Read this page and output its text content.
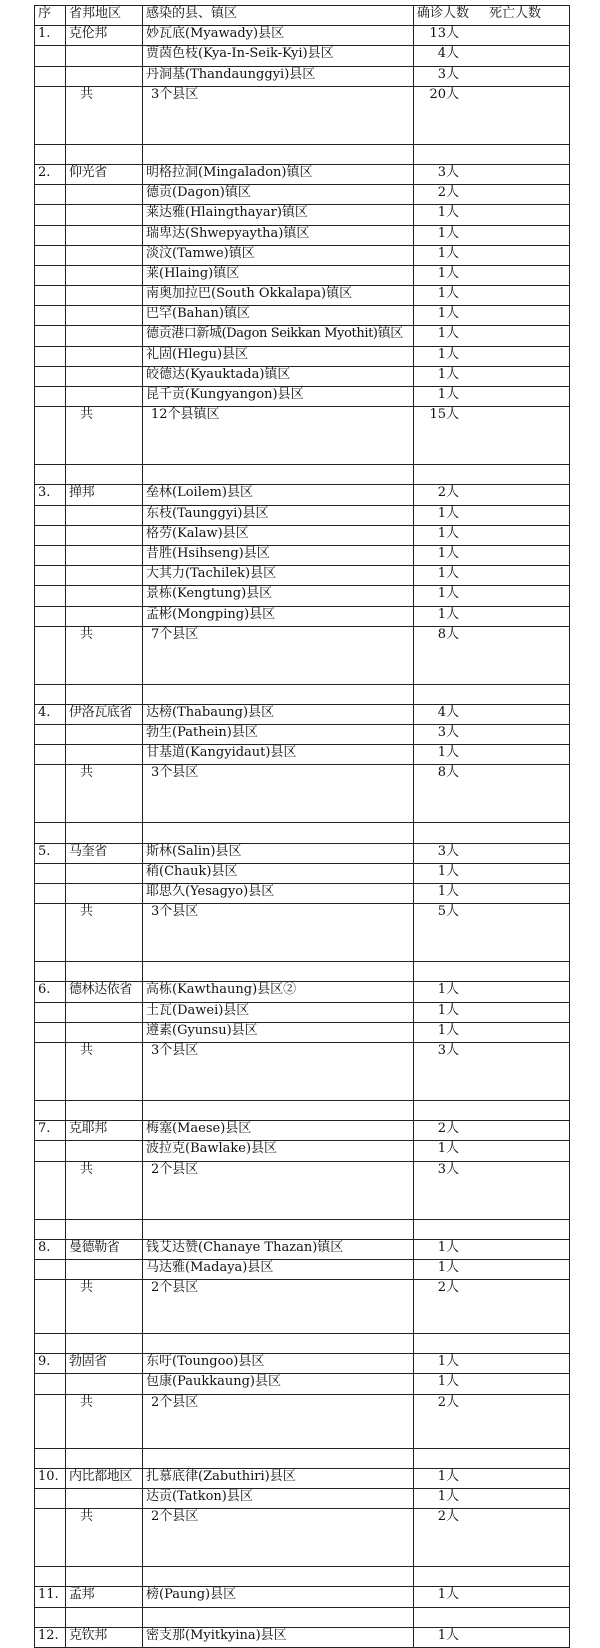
序	省邦地区	感染的县、镇区	确诊人数 死亡人数
1.	克伦邦	妙瓦底(Myawady)县区	13人
		贾茵色枝(Kya-In-Seik-Kyi)县区	4人
		丹洞基(Thandaunggyi)县区	3人
	共	3个县区	20人

2.	仰光省	明格拉洞(Mingaladon)镇区	3人
		德贡(Dagon)镇区	2人
		莱达雅(Hlaingthayar)镇区	1人
		瑞卑达(Shwepyaytha)镇区	1人
		淡汶(Tamwe)镇区	1人
		莱(Hlaing)镇区	1人
		南奥加拉巴(South Okkalapa)镇区	1人
		巴罕(Bahan)镇区	1人
		德贡港口新城(Dagon Seikkan Myothit)镇区	1人
		礼固(Hlegu)县区	1人
		皎德达(Kyauktada)镇区	1人
		昆千贡(Kungyangon)县区	1人
	共	12个县镇区	15人

3.	掸邦	垒林(Loilem)县区	2人
		东枝(Taunggyi)县区	1人
		格劳(Kalaw)县区	1人
		昔胜(Hsihseng)县区	1人
		大其力(Tachilek)县区	1人
		景栋(Kengtung)县区	1人
		孟彬(Mongping)县区	1人
	共	7个县区	8人

4.	伊洛瓦底省	达榜(Thabaung)县区	4人
		勃生(Pathein)县区	3人
		甘基道(Kangyidaut)县区	1人
	共	3个县区	8人

5.	马奎省	斯林(Salin)县区	3人
		稍(Chauk)县区	1人
		耶思久(Yesagyo)县区	1人
	共	3个县区	5人

6.	德林达依省	高栋(Kawthaung)县区②	1人
		土瓦(Dawei)县区	1人
		遵素(Gyunsu)县区	1人
	共	3个县区	3人

7.	克耶邦	梅塞(Maese)县区	2人
		波拉克(Bawlake)县区	1人
	共	2个县区	3人

8.	曼德勒省	钱艾达赞(Chanaye Thazan)镇区	1人
		马达雅(Madaya)县区	1人
	共	2个县区	2人

9.	勃固省	东吁(Toungoo)县区	1人
		包康(Paukkaung)县区	1人
	共	2个县区	2人

10.	内比都地区	扎慕底律(Zabuthiri)县区	1人
		达贡(Tatkon)县区	1人
	共	2个县区	2人

11.	孟邦	榜(Paung)县区	1人

12.	克钦邦	密支那(Myitkyina)县区	1人
